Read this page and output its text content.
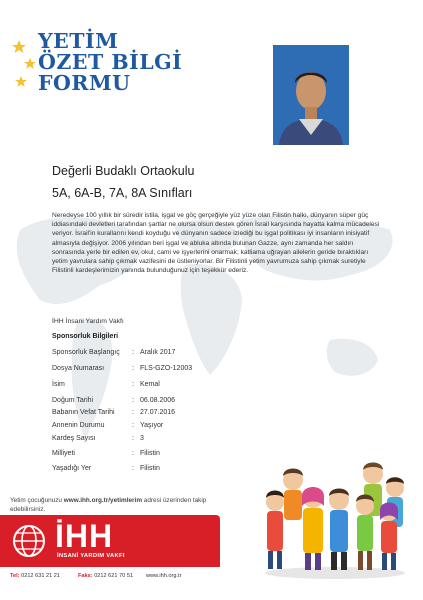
YETİM
ÖZET BİLGİ
FORMU
Değerli Budaklı Ortaokulu
5A, 6A-B, 7A, 8A Sınıfları
Neredeyse 100 yıllık bir süredir istila, işgal ve göç gerçeğiyle yüz yüze olan Filistin halkı, dünyanın süper güç iddiasındaki devletleri tarafından şartlar ne olursa olsun destek gören İsrail karşısında hayatta kalma mücadelesi veriyor. İsrail'in kurallarını kendi koyduğu ve dünyanın sadece izlediği bu işgal politikası iyi insanların inisiyatif almasıyla değişiyor. 2006 yılından beri işgal ve abluka altında bulunan Gazze, aynı zamanda her saldırı sonrasında yerle bir edilen ev, okul, cami ve işyerlerini onarmak; katliama uğrayan ailelerin geride bıraktıkları yetim yavrulara sahip çıkmak vazifesini de üstleniyorlar. Bir Filistinli yetim yavrumuza sahip çıkmak suretiyle Filistinli kardeşlerimizin yanında bulunduğunuz için teşekkür ederiz.
İHH İnsani Yardım Vakfı
Sponsorluk Bilgileri
Sponsorluk Başlangıç	: Aralık 2017
Dosya Numarası	: FLS-GZO-12003
İsim	: Kemal
Doğum Tarihi	: 06.08.2006
Babanın Vefat Tarihi	: 27.07.2016
Annenin Durumu	: Yaşıyor
Kardeş Sayısı	: 3
Milliyeti	: Filistin
Yaşadığı Yer	: Filistin
Yetim çocuğunuzu www.ihh.org.tr/yetimlerim adresi üzerinden takip edebilirsiniz.
İHH
İNSANİ YARDIM VAKFI
Tel: 0212 631 21 21	Faks: 0212 621 70 51 www.ihh.org.tr
